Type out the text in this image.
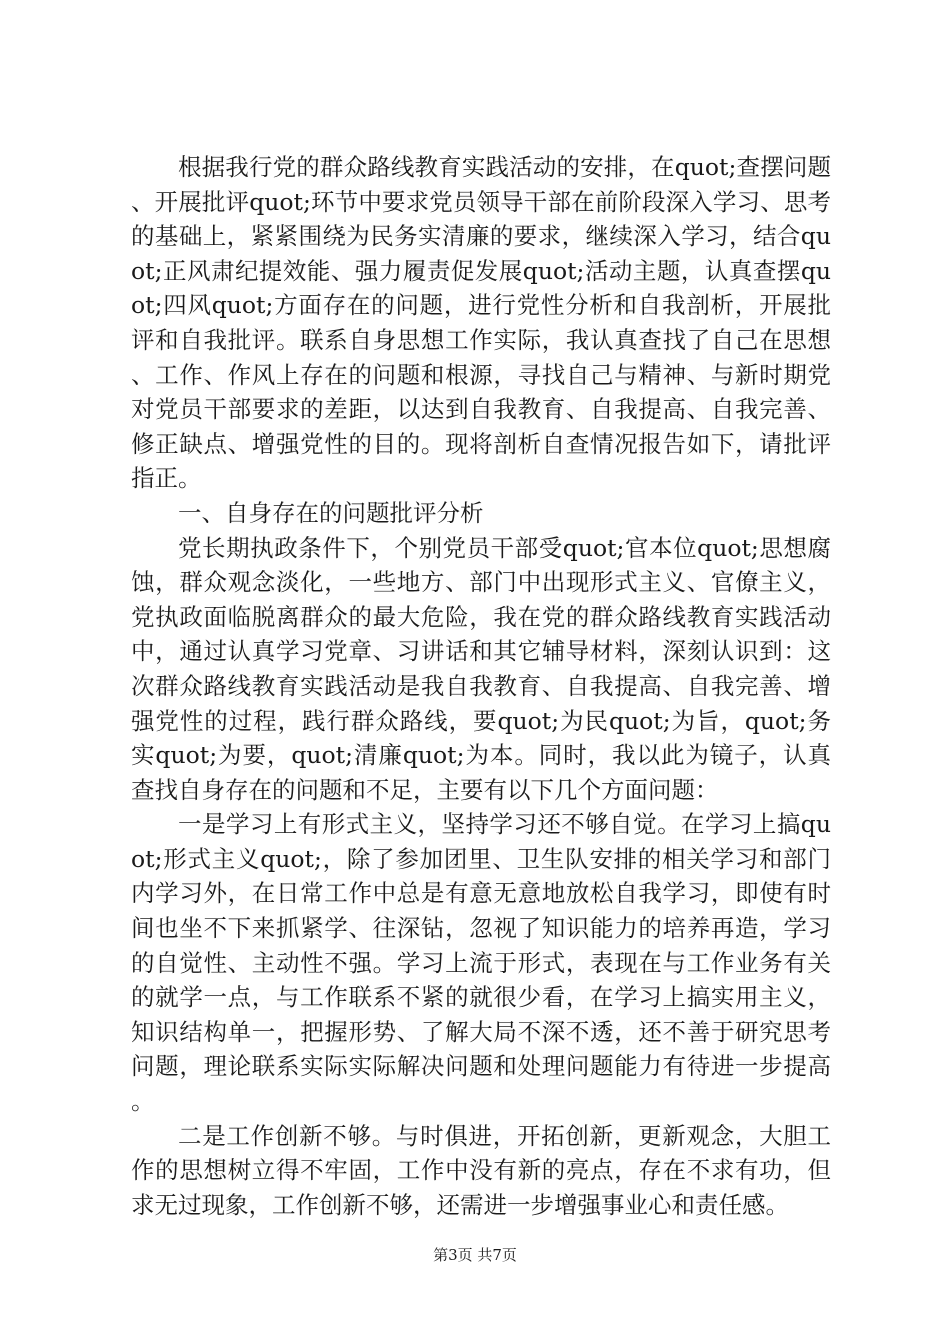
根据我行党的群众路线教育实践活动的安排，在quot;查摆问题、开展批评quot;环节中要求党员领导干部在前阶段深入学习、思考的基础上，紧紧围绕为民务实清廉的要求，继续深入学习，结合quot;正风肃纪提效能、强力履责促发展quot;活动主题，认真查摆quot;四风quot;方面存在的问题，进行党性分析和自我剖析，开展批评和自我批评。联系自身思想工作实际，我认真查找了自己在思想、工作、作风上存在的问题和根源，寻找自己与精神、与新时期党对党员干部要求的差距，以达到自我教育、自我提高、自我完善、修正缺点、增强党性的目的。现将剖析自查情况报告如下，请批评指正。

一、自身存在的问题批评分析

党长期执政条件下，个别党员干部受quot;官本位quot;思想腐蚀，群众观念淡化，一些地方、部门中出现形式主义、官僚主义，党执政面临脱离群众的最大危险，我在党的群众路线教育实践活动中，通过认真学习党章、习讲话和其它辅导材料，深刻认识到：这次群众路线教育实践活动是我自我教育、自我提高、自我完善、增强党性的过程，践行群众路线，要quot;为民quot;为旨，quot;务实quot;为要，quot;清廉quot;为本。同时，我以此为镜子，认真查找自身存在的问题和不足，主要有以下几个方面问题：

一是学习上有形式主义，坚持学习还不够自觉。在学习上搞quot;形式主义quot;，除了参加团里、卫生队安排的相关学习和部门内学习外，在日常工作中总是有意无意地放松自我学习，即使有时间也坐不下来抓紧学、往深钻，忽视了知识能力的培养再造，学习的自觉性、主动性不强。学习上流于形式，表现在与工作业务有关的就学一点，与工作联系不紧的就很少看，在学习上搞实用主义，知识结构单一，把握形势、了解大局不深不透，还不善于研究思考问题，理论联系实际实际解决问题和处理问题能力有待进一步提高。

二是工作创新不够。与时俱进，开拓创新，更新观念，大胆工作的思想树立得不牢固，工作中没有新的亮点，存在不求有功，但求无过现象，工作创新不够，还需进一步增强事业心和责任感。

第3页 共7页
